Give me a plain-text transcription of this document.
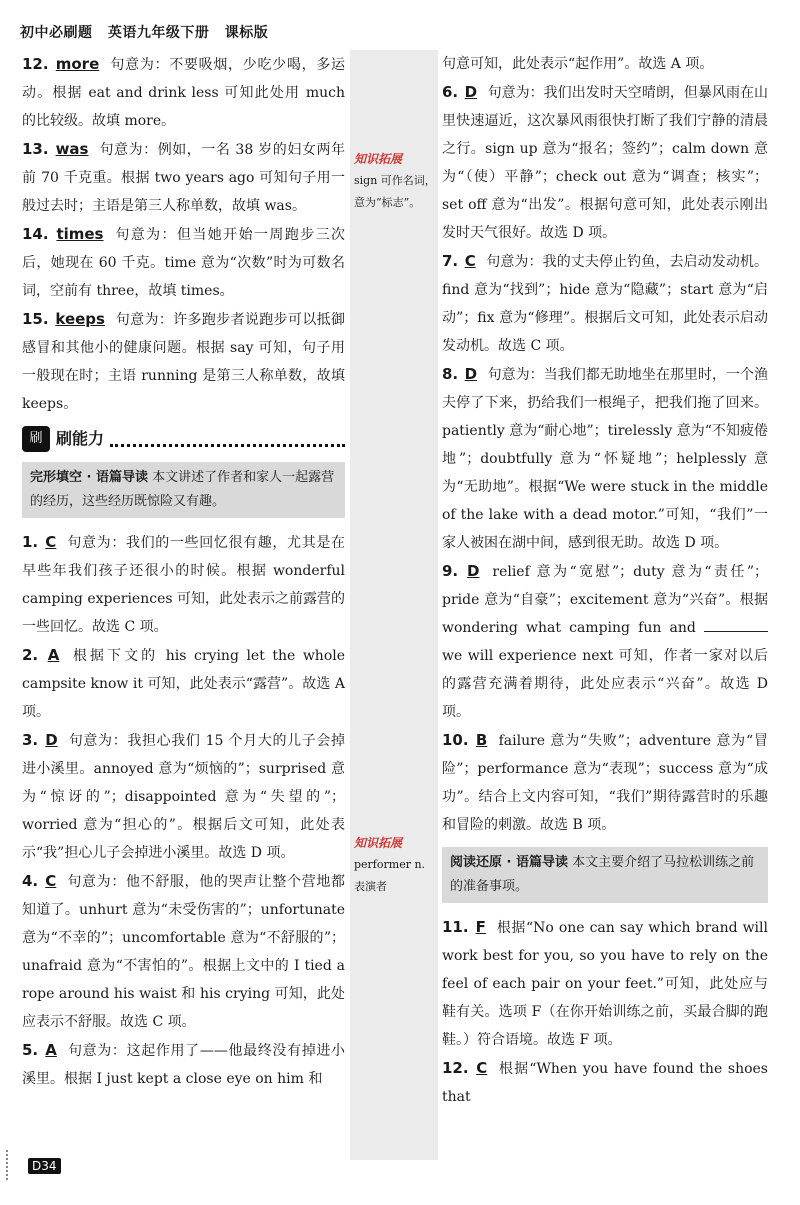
初中必刷题 英语九年级下册 课标版
知识拓展
sign 可作名词，意为“标志”。
知识拓展
performer n. 表演者

12. more 句意为：不要吸烟，少吃少喝，多运动。根据 eat and drink less 可知此处用 much 的比较级。故填 more。

13. was 句意为：例如，一名 38 岁的妇女两年前 70 千克重。根据 two years ago 可知句子用一般过去时；主语是第三人称单数，故填 was。

14. times 句意为：但当她开始一周跑步三次后，她现在 60 千克。time 意为“次数”时为可数名词，空前有 three，故填 times。

15. keeps 句意为：许多跑步者说跑步可以抵御感冒和其他小的健康问题。根据 say 可知，句子用一般现在时；主语 running 是第三人称单数，故填 keeps。

刷 刷能力
完形填空 · 语篇导读 本文讲述了作者和家人一起露营的经历，这些经历既惊险又有趣。

1. C 句意为：我们的一些回忆很有趣，尤其是在早些年我们孩子还很小的时候。根据 wonderful camping experiences 可知，此处表示之前露营的一些回忆。故选 C 项。

2. A 根据下文的 his crying let the whole campsite know it 可知，此处表示“露营”。故选 A 项。

3. D 句意为：我担心我们 15 个月大的儿子会掉进小溪里。annoyed 意为“烦恼的”；surprised 意为“惊讶的”；disappointed 意为“失望的”；worried 意为“担心的”。根据后文可知，此处表示“我”担心儿子会掉进小溪里。故选 D 项。

4. C 句意为：他不舒服，他的哭声让整个营地都知道了。unhurt 意为“未受伤害的”；unfortunate 意为“不幸的”；uncomfortable 意为“不舒服的”；unafraid 意为“不害怕的”。根据上文中的 I tied a rope around his waist 和 his crying 可知，此处应表示不舒服。故选 C 项。

5. A 句意为：这起作用了——他最终没有掉进小溪里。根据 I just kept a close eye on him 和

句意可知，此处表示“起作用”。故选 A 项。

6. D 句意为：我们出发时天空晴朗，但暴风雨在山里快速逼近，这次暴风雨很快打断了我们宁静的清晨之行。sign up 意为“报名；签约”；calm down 意为“（使）平静”；check out 意为“调查；核实”；set off 意为“出发”。根据句意可知，此处表示刚出发时天气很好。故选 D 项。

7. C 句意为：我的丈夫停止钓鱼，去启动发动机。find 意为“找到”；hide 意为“隐藏”；start 意为“启动”；fix 意为“修理”。根据后文可知，此处表示启动发动机。故选 C 项。

8. D 句意为：当我们都无助地坐在那里时，一个渔夫停了下来，扔给我们一根绳子，把我们拖了回来。patiently 意为“耐心地”；tirelessly 意为“不知疲倦地”；doubtfully 意为“怀疑地”；helplessly 意为“无助地”。根据“We were stuck in the middle of the lake with a dead motor.”可知，“我们”一家人被困在湖中间，感到很无助。故选 D 项。

9. D relief 意为“宽慰”；duty 意为“责任”；pride 意为“自豪”；excitement 意为“兴奋”。根据 wondering what camping fun and  we will experience next 可知，作者一家对以后的露营充满着期待，此处应表示“兴奋”。故选 D 项。

10. B failure 意为“失败”；adventure 意为“冒险”；performance 意为“表现”；success 意为“成功”。结合上文内容可知，“我们”期待露营时的乐趣和冒险的刺激。故选 B 项。

阅读还原 · 语篇导读 本文主要介绍了马拉松训练之前的准备事项。

11. F 根据“No one can say which brand will work best for you, so you have to rely on the feel of each pair on your feet.”可知，此处应与鞋有关。选项 F（在你开始训练之前，买最合脚的跑鞋。）符合语境。故选 F 项。

12. C 根据“When you have found the shoes that

D34
